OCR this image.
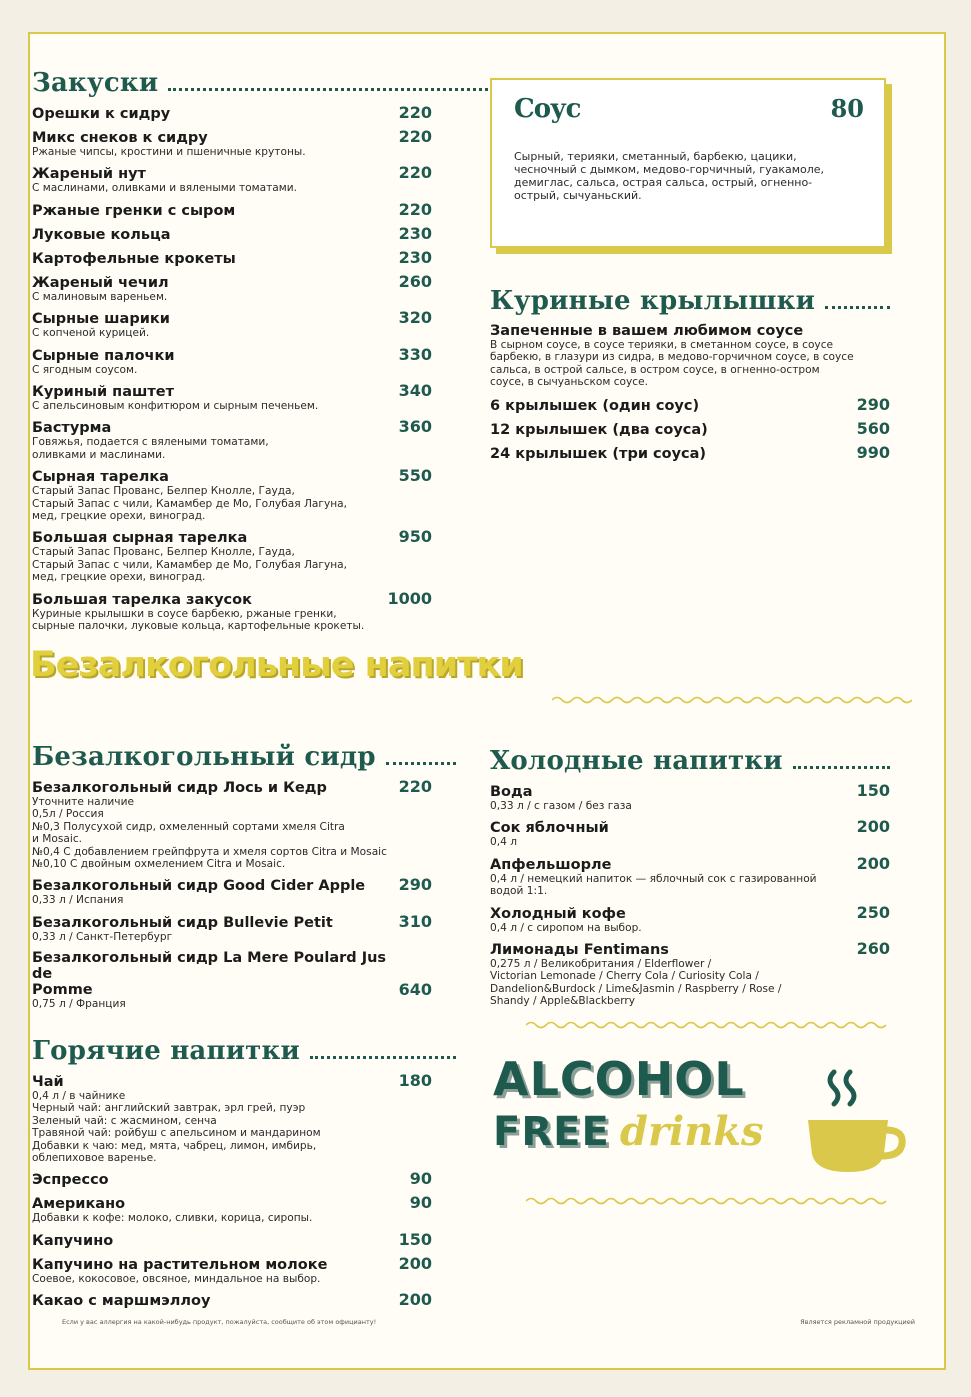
Закуски
Орешки к сидру	220
Микс снеков к сидру	220
Ржаные чипсы, кростини и пшеничные крутоны.
Жареный нут	220
С маслинами, оливками и вялеными томатами.
Ржаные гренки с сыром	220
Луковые кольца	230
Картофельные крокеты	230
Жареный чечил	260
С малиновым вареньем.
Сырные шарики	320
С копченой курицей.
Сырные палочки	330
С ягодным соусом.
Куриный паштет	340
С апельсиновым конфитюром и сырным печеньем.
Бастурма	360
Говяжья, подается с вялеными томатами,
оливками и маслинами.
Сырная тарелка	550
Старый Запас Прованс, Белпер Кнолле, Гауда,
Старый Запас с чили, Камамбер де Мо, Голубая Лагуна,
мед, грецкие орехи, виноград.
Большая сырная тарелка	950
Старый Запас Прованс, Белпер Кнолле, Гауда,
Старый Запас с чили, Камамбер де Мо, Голубая Лагуна,
мед, грецкие орехи, виноград.
Большая тарелка закусок	1000
Куриные крылышки в соусе барбекю, ржаные гренки,
сырные палочки, луковые кольца, картофельные крокеты.
Соус	80
Сырный, терияки, сметанный, барбекю, цацики,
чесночный с дымком, медово-горчичный, гуакамоле,
демиглас, сальса, острая сальса, острый, огненно-
острый, сычуаньский.
Куриные крылышки
Запеченные в вашем любимом соусе
В сырном соусе, в соусе терияки, в сметанном соусе, в соусе
барбекю, в глазури из сидра, в медово-горчичном соусе, в соусе
сальса, в острой сальсе, в остром соусе, в огненно-остром
соусе, в сычуаньском соусе.
6 крылышек (один соус)	290
12 крылышек (два соуса)	560
24 крылышек (три соуса)	990
Безалкогольные напитки
Безалкогольный сидр
Безалкогольный сидр Лось и Кедр	220
Уточните наличие
0,5л / Россия
№0,3 Полусухой сидр, охмеленный сортами хмеля Citra
и Mosaic.
№0,4 С добавлением грейпфрута и хмеля сортов Citra и Mosaic
№0,10 С двойным охмелением Citra и Mosaic.
Безалкогольный сидр Good Cider Apple 290
0,33 л / Испания
Безалкогольный сидр Bullevie Petit	310
0,33 л / Санкт-Петербург
Безалкогольный сидр La Mere Poulard Jus de
Pomme	640
0,75 л / Франция
Горячие напитки
Чай	180
0,4 л / в чайнике
Черный чай: английский завтрак, эрл грей, пуэр
Зеленый чай: с жасмином, сенча
Травяной чай: ройбуш с апельсином и мандарином
Добавки к чаю: мед, мята, чабрец, лимон, имбирь,
облепиховое варенье.
Эспрессо	90
Американо	90
Добавки к кофе: молоко, сливки, корица, сиропы.
Капучино	150
Капучино на растительном молоке	200
Соевое, кокосовое, овсяное, миндальное на выбор.
Какао с маршмэллоу	200
Холодные напитки
Вода	150
0,33 л / с газом / без газа
Сок яблочный	200
0,4 л
Апфельшорле	200
0,4 л / немецкий напиток — яблочный сок с газированной
водой 1:1.
Холодный кофе	250
0,4 л / с сиропом на выбор.
Лимонады Fentimans	260
0,275 л / Великобритания / Elderflower /
Victorian Lemonade / Cherry Cola / Curiosity Cola /
Dandelion&Burdock / Lime&Jasmin / Raspberry / Rose /
Shandy / Apple&Blackberry
ALCOHOL
FREE drinks
Если у вас аллергия на какой-нибудь продукт, пожалуйста, сообщите об этом официанту!	Является рекламной продукцией
